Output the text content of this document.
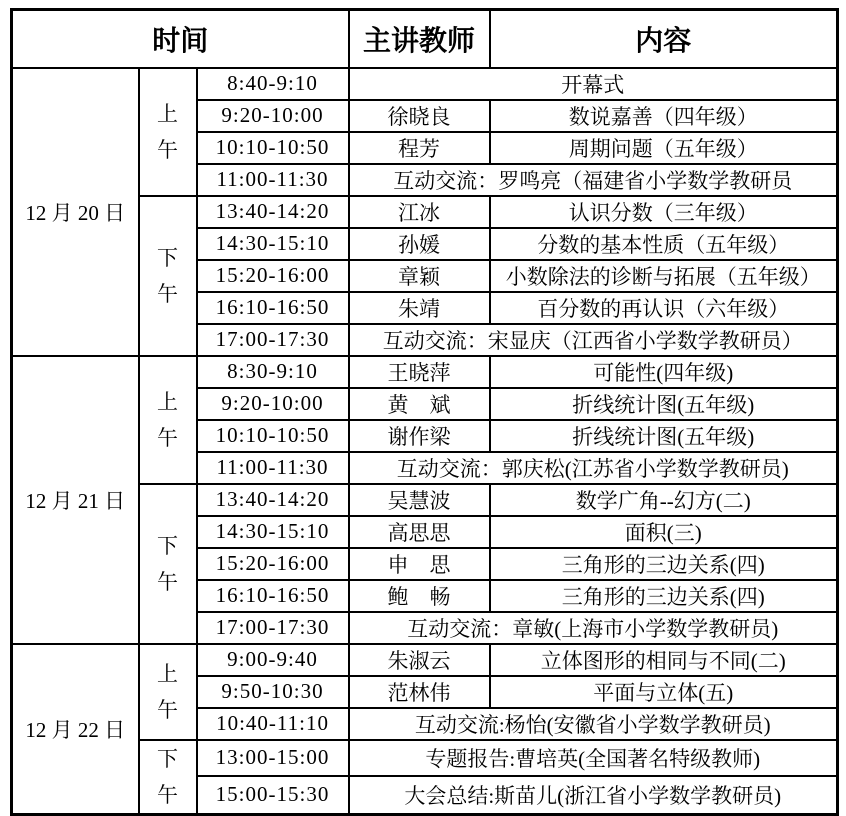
时间			主讲教师	内容
12 月 20 日	上午	8:40-9:10	开幕式	
		9:20-10:00	徐晓良	数说嘉善（四年级）
		10:10-10:50	程芳	周期问题（五年级）
		11:00-11:30	互动交流：罗鸣亮（福建省小学数学教研员	

	下午	13:40-14:20	江冰	认识分数（三年级）
		14:30-15:10	孙媛	分数的基本性质（五年级）
		15:20-16:00	章颖	小数除法的诊断与拓展（五年级）
		16:10-16:50	朱靖	百分数的再认识（六年级）
		17:00-17:30	互动交流：宋显庆（江西省小学数学教研员）	
12 月 21 日	上午	8:30-9:10	王晓萍	可能性(四年级)
		9:20-10:00	黄　斌	折线统计图(五年级)
		10:10-10:50	谢作梁	折线统计图(五年级)
		11:00-11:30	互动交流：郭庆松(江苏省小学数学教研员)	

	下午	13:40-14:20	吴慧波	数学广角--幻方(二)
		14:30-15:10	高思思	面积(三)
		15:20-16:00	申　思	三角形的三边关系(四)
		16:10-16:50	鲍　畅	三角形的三边关系(四)
		17:00-17:30	互动交流：章敏(上海市小学数学教研员)	
12 月 22 日	上午	9:00-9:40	朱淑云	立体图形的相同与不同(二)
		9:50-10:30	范林伟	平面与立体(五)
		10:40-11:10	互动交流:杨怡(安徽省小学数学教研员)	

	下午	13:00-15:00	专题报告:曹培英(全国著名特级教师)	
		15:00-15:30	大会总结:斯苗儿(浙江省小学数学教研员)	
